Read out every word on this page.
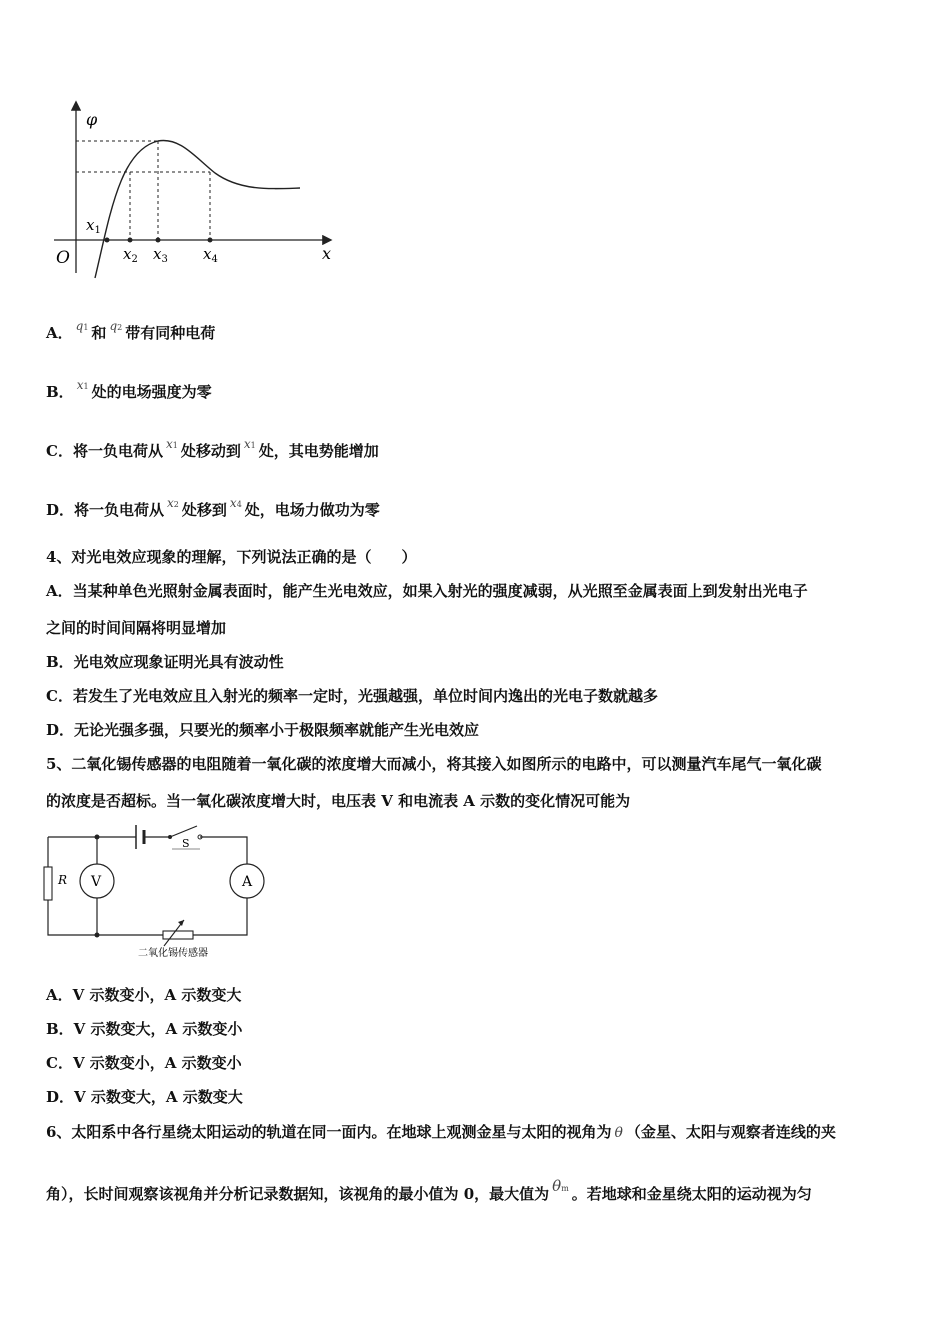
φ
O	x
$x_1$
$x_2$ $x_3$ $x_4$
A． $^{q1}$ 和 $^{q2}$ 带有同种电荷
B． $^{x1}$ 处的电场强度为零
C．将一负电荷从 $^{x1}$ 处移动到 $^{x1}$ 处，其电势能增加
D．将一负电荷从 $^{x2}$ 处移到 $^{x4}$ 处，电场力做功为零
4、对光电效应现象的理解，下列说法正确的是（　　）
A．当某种单色光照射金属表面时，能产生光电效应，如果入射光的强度减弱，从光照至金属表面上到发射出光电子
之间的时间间隔将明显增加
B．光电效应现象证明光具有波动性
C．若发生了光电效应且入射光的频率一定时，光强越强，单位时间内逸出的光电子数就越多
D．无论光强多强，只要光的频率小于极限频率就能产生光电效应
5、二氧化锡传感器的电阻随着一氧化碳的浓度增大而减小，将其接入如图所示的电路中，可以测量汽车尾气一氧化碳
的浓度是否超标。当一氧化碳浓度增大时，电压表 V 和电流表 A 示数的变化情况可能为
S
R V	A
二氧化锡传感器
A．V 示数变小，A 示数变大
B．V 示数变大，A 示数变小
C．V 示数变小，A 示数变小
D．V 示数变大，A 示数变大
6、太阳系中各行星绕太阳运动的轨道在同一面内。在地球上观测金星与太阳的视角为 θ （金星、太阳与观察者连线的夹
角），长时间观察该视角并分析记录数据知，该视角的最小值为 0，最大值为 θm 。若地球和金星绕太阳的运动视为匀
